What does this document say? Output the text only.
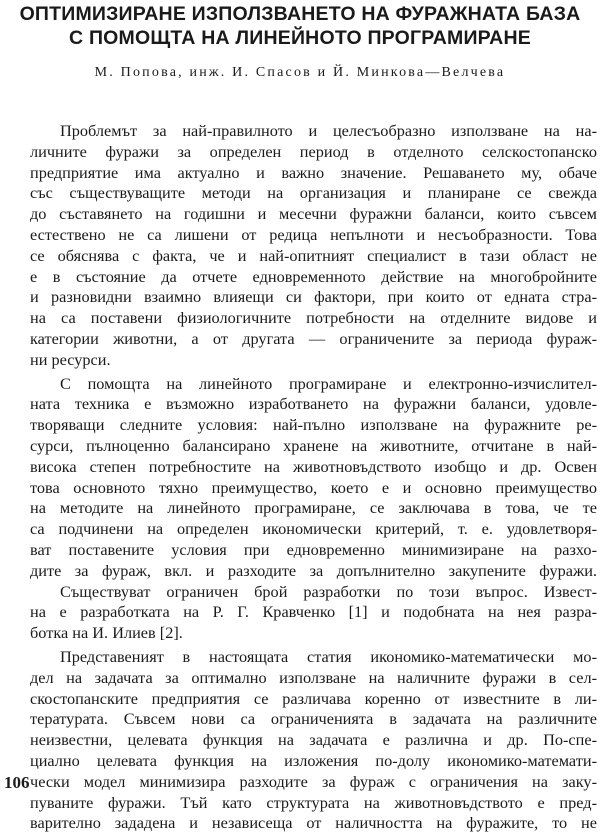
ОПТИМИЗИРАНЕ ИЗПОЛЗВАНЕТО НА ФУРАЖНАТА БАЗА
С ПОМОЩТА НА ЛИНЕЙНОТО ПРОГРАМИРАНЕ
М. Попова, инж. И. Спасов и Й. Минкова—Велчева
Проблемът за най-правилното и целесъобразно използване на на-
личните фуражи за определен период в отделното селскостопанско
предприятие има актуално и важно значение. Решаването му, обаче
със съществуващите методи на организация и планиране се свежда
до съставянето на годишни и месечни фуражни баланси, които съвсем
естествено не са лишени от редица непълноти и несъобразности. Това
се обяснява с факта, че и най-опитният специалист в тази област не
е в състояние да отчете едновременното действие на многобройните
и разновидни взаимно влияещи си фактори, при които от едната стра-
на са поставени физиологичните потребности на отделните видове и
категории животни, а от другата — ограничените за периода фураж-
ни ресурси.
С помощта на линейното програмиране и електронно-изчислител-
ната техника е възможно изработването на фуражни баланси, удовле-
творяващи следните условия: най-пълно използване на фуражните ре-
сурси, пълноценно балансирано хранене на животните, отчитане в най-
висока степен потребностите на животновъдството изобщо и др. Освен
това основното тяхно преимущество, което е и основно преимущество
на методите на линейното програмиране, се заключава в това, че те
са подчинени на определен икономически критерий, т. е. удовлетворя-
ват поставените условия при едновременно минимизиране на разхо-
дите за фураж, вкл. и разходите за допълнително закупените фуражи.
Съществуват ограничен брой разработки по този въпрос. Извест-
на е разработката на Р. Г. Кравченко [1] и подобната на нея разра-
ботка на И. Илиев [2].
Представеният в настоящата статия икономико-математически мо-
дел на задачата за оптимално използване на наличните фуражи в сел-
скостопанските предприятия се различава коренно от известните в ли-
тературата. Съвсем нови са ограниченията в задачата на различните
неизвестни, целевата функция на задачата е различна и др. По-спе-
циално целевата функция на изложения по-долу икономико-математи-
чески модел минимизира разходите за фураж с ограничения на заку-
пуваните фуражи. Тъй като структурата на животновъдството е пред-
варително зададена и независеща от наличността на фуражите, то не
106
